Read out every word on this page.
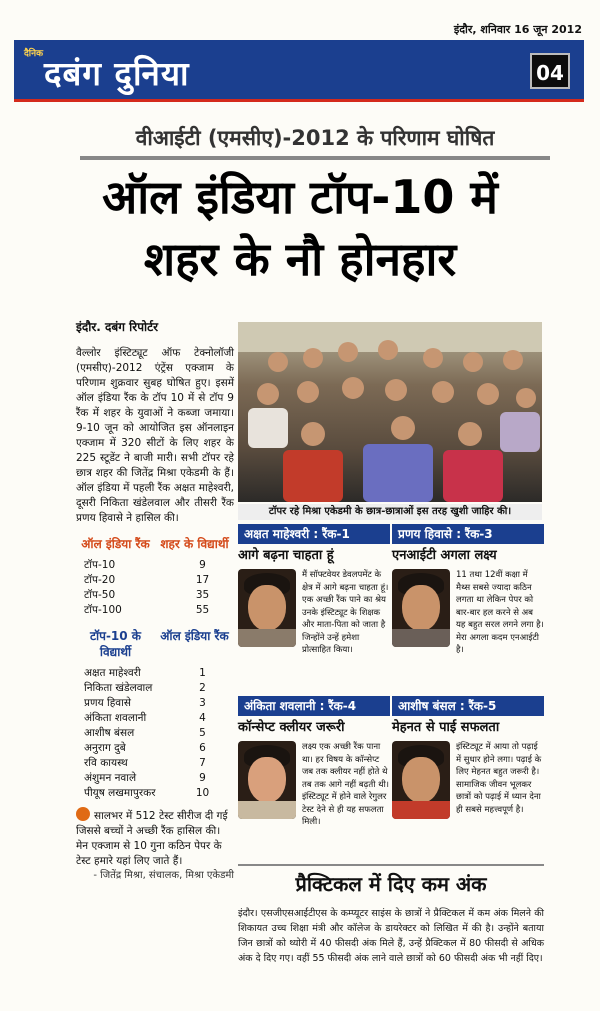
इंदौर, शनिवार 16 जून 2012
दैनिक दबंग दुनिया	04
वीआईटी (एमसीए)-2012 के परिणाम घोषित
ऑल इंडिया टॉप-10 में
शहर के नौ होनहार
इंदौर. दबंग रिपोर्टर

वैल्लोर इंस्टिट्यूट ऑफ टेक्नोलॉजी (एमसीए)-2012 एंट्रेंस एक्जाम के परिणाम शुक्रवार सुबह घोषित हुए। इसमें ऑल इंडिया रैंक के टॉप 10 में से टॉप 9 रैंक में शहर के युवाओं ने कब्जा जमाया। 9-10 जून को आयोजित इस ऑनलाइन एक्जाम में 320 सीटों के लिए शहर के 225 स्टूडेंट ने बाजी मारी। सभी टॉपर रहे छात्र शहर की जितेंद्र मिश्रा एकेडमी के हैं। ऑल इंडिया में पहली रैंक अक्षत माहेश्वरी, दूसरी निकिता खंडेलवाल और तीसरी रैंक प्रणय हिवासे ने हासिल की।

ऑल इंडिया रैंक शहर के विद्यार्थी
टॉप-10	9
टॉप-20	17
टॉप-50	35
टॉप-100	55
टॉप-10 के विद्यार्थी
ऑल इंडिया रैंक
अक्षत माहेश्वरी	1
निकिता खंडेलवाल	2
प्रणय हिवासे	3
अंकिता शवलानी	4
आशीष बंसल	5
अनुराग दुबे	6
रवि कायस्थ	7
अंशुमन नवाले	9
पीयूष लखमापुरकर	10
सालभर में 512 टेस्ट सीरीज दी गई जिससे बच्चों ने अच्छी रैंक हासिल की। मेन एक्जाम से 10 गुना कठिन पेपर के टेस्ट हमारे यहां लिए जाते हैं।
- जितेंद्र मिश्रा, संचालक, मिश्रा एकेडमी
टॉपर रहे मिश्रा एकेडमी के छात्र-छात्राओं इस तरह खुशी जाहिर की।
अक्षत माहेश्वरी : रैंक-1
आगे बढ़ना चाहता हूं
मैं सॉफ्टवेयर डेवलपमेंट के क्षेत्र में आगे बढ़ना चाहता हूं। एक अच्छी रैंक पाने का श्रेय उनके इंस्टिट्यूट के शिक्षक और माता-पिता को जाता है जिन्होंने उन्हें हमेशा प्रोत्साहित किया।
प्रणय हिवासे : रैंक-3
एनआईटी अगला लक्ष्य
11 तथा 12वीं कक्षा में मैथ्स सबसे ज्यादा कठिन लगता था लेकिन पेपर को बार-बार हल करने से अब यह बहुत सरल लगने लगा है। मेरा अगला कदम एनआईटी है।
अंकिता शवलानी : रैंक-4
कॉन्सेप्ट क्लीयर जरूरी
लक्ष्य एक अच्छी रैंक पाना था। हर विषय के कॉन्सेप्ट जब तक क्लीयर नहीं होते थे तब तक आगे नहीं बढ़ती थी। इंस्टिट्यूट में होने वाले रेगुलर टेस्ट देने से ही यह सफलता मिली।
आशीष बंसल : रैंक-5
मेहनत से पाई सफलता
इंस्टिट्यूट में आया तो पढ़ाई में सुधार होने लगा। पढ़ाई के लिए मेहनत बहुत जरूरी है। सामाजिक जीवन भूलकर छात्रों को पढ़ाई में ध्यान देना ही सबसे महत्त्वपूर्ण है।
प्रैक्टिकल में दिए कम अंक

इंदौर। एसजीएसआईटीएस के कम्प्यूटर साइंस के छात्रों ने प्रैक्टिकल में कम अंक मिलने की शिकायत उच्च शिक्षा मंत्री और कॉलेज के डायरेक्टर को लिखित में की है। उन्होंने बताया जिन छात्रों को थ्योरी में 40 फीसदी अंक मिले हैं, उन्हें प्रैक्टिकल में 80 फीसदी से अधिक अंक दे दिए गए। वहीं 55 फीसदी अंक लाने वाले छात्रों को 60 फीसदी अंक भी नहीं दिए।
